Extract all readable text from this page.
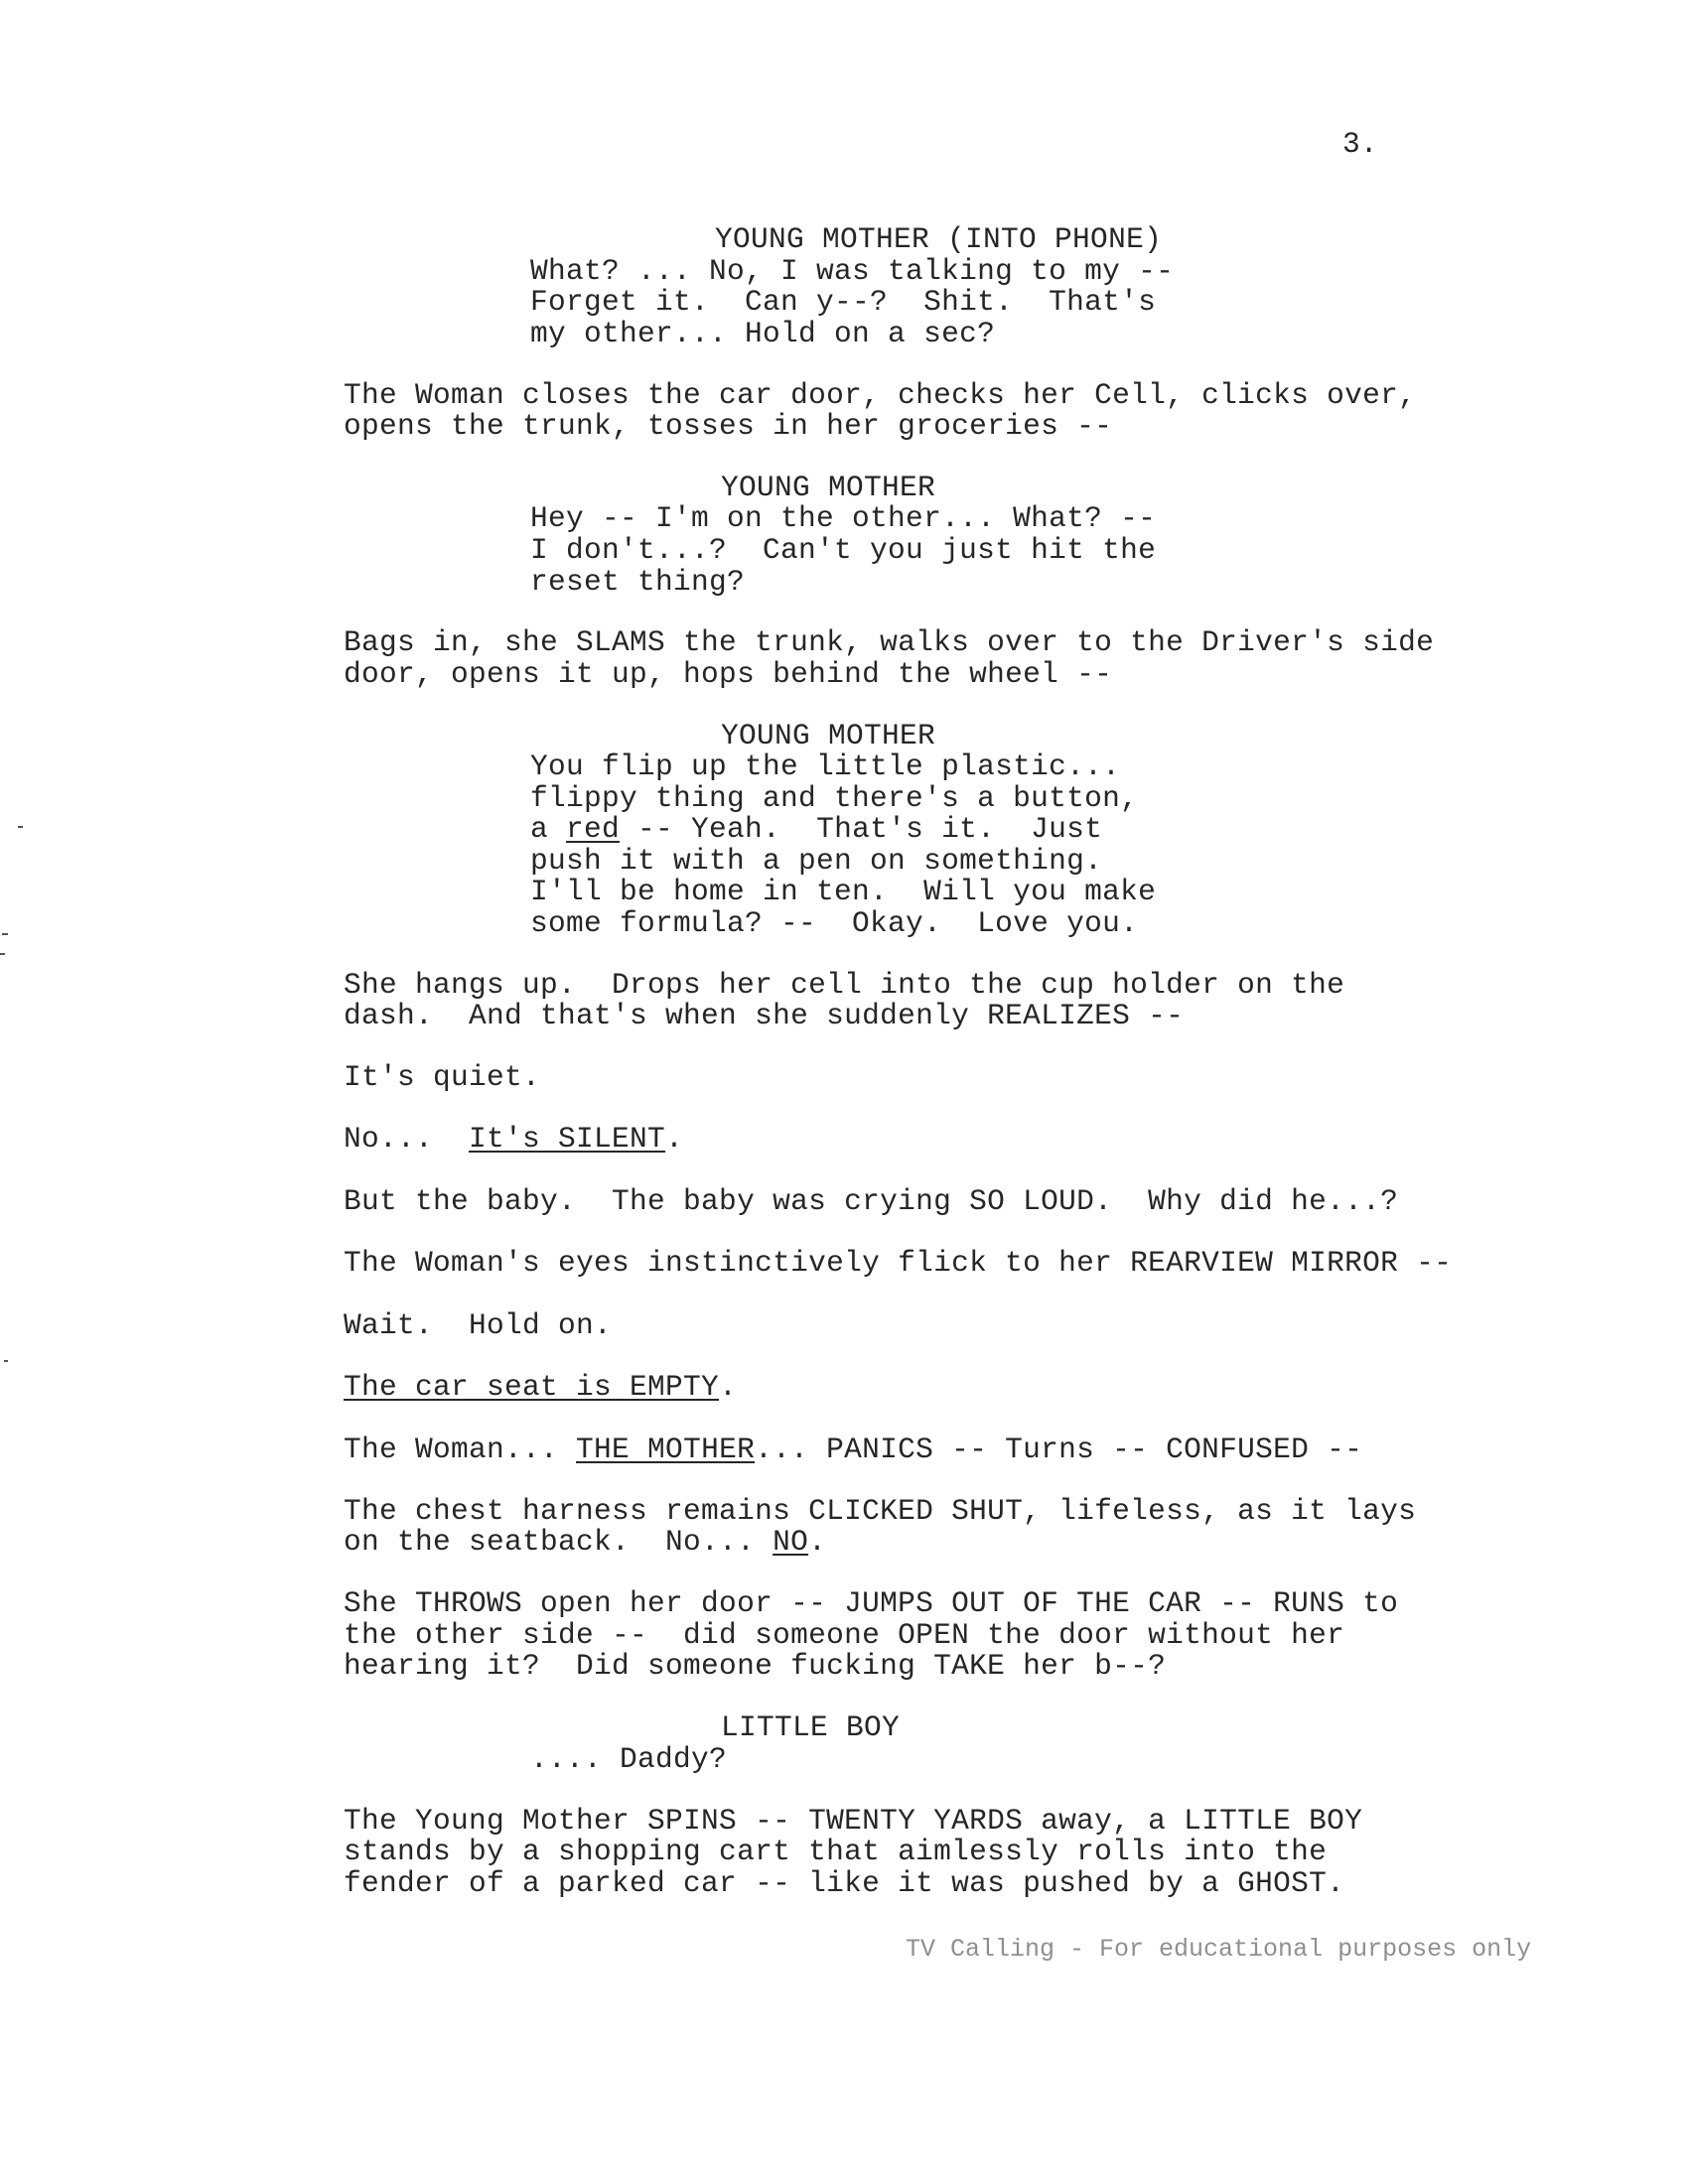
3.
YOUNG MOTHER (INTO PHONE)
What? ... No, I was talking to my --
Forget it.  Can y--?  Shit.  That's
my other... Hold on a sec?
The Woman closes the car door, checks her Cell, clicks over,
opens the trunk, tosses in her groceries --
YOUNG MOTHER
Hey -- I'm on the other... What? --
I don't...?  Can't you just hit the
reset thing?
Bags in, she SLAMS the trunk, walks over to the Driver's side
door, opens it up, hops behind the wheel --
YOUNG MOTHER
You flip up the little plastic...
flippy thing and there's a button,
a red -- Yeah.  That's it.  Just
push it with a pen on something.
I'll be home in ten.  Will you make
some formula? --  Okay.  Love you.
She hangs up.  Drops her cell into the cup holder on the
dash.  And that's when she suddenly REALIZES --
It's quiet.
No...  It's SILENT.
But the baby.  The baby was crying SO LOUD.  Why did he...?
The Woman's eyes instinctively flick to her REARVIEW MIRROR --
Wait.  Hold on.
The car seat is EMPTY.
The Woman... THE MOTHER... PANICS -- Turns -- CONFUSED --
The chest harness remains CLICKED SHUT, lifeless, as it lays
on the seatback.  No... NO.
She THROWS open her door -- JUMPS OUT OF THE CAR -- RUNS to
the other side --  did someone OPEN the door without her
hearing it?  Did someone fucking TAKE her b--?
LITTLE BOY
.... Daddy?
The Young Mother SPINS -- TWENTY YARDS away, a LITTLE BOY
stands by a shopping cart that aimlessly rolls into the
fender of a parked car -- like it was pushed by a GHOST.
TV Calling - For educational purposes only
